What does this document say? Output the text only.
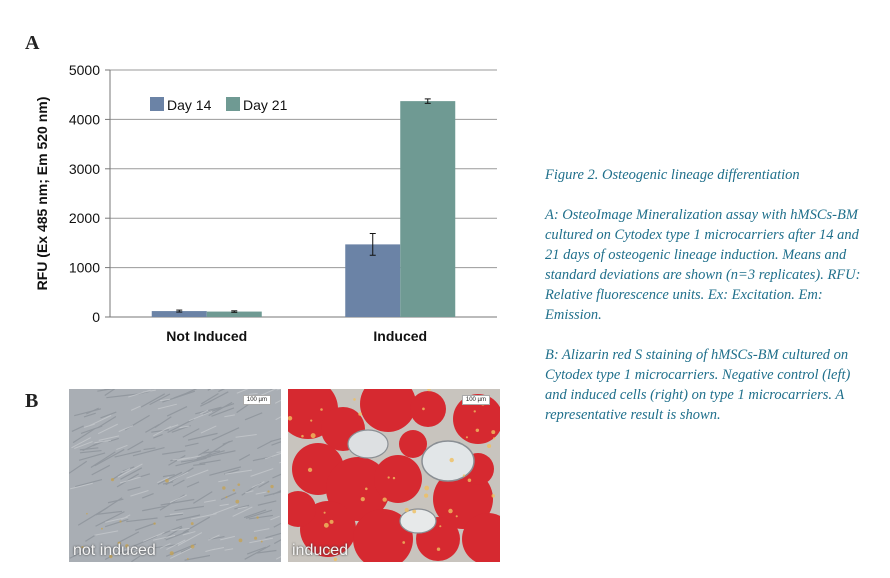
A
0
1000
2000
3000
4000
5000
RFU (Ex 485 nm; Em 520 nm)
Not Induced	Induced
Day 14 Day 21
B	100 µm
not induced
100 µm
induced
Figure 2. Osteogenic lineage differentiation
A: OsteoImage Mineralization assay with hMSCs-BM cultured on Cytodex type 1 microcarriers after 14 and 21 days of osteogenic lineage induction. Means and standard deviations are shown (n=3 replicates). RFU: Relative fluorescence units. Ex: Excitation. Em: Emission.
B: Alizarin red S staining of hMSCs-BM cultured on Cytodex type 1 microcarriers. Negative control (left) and induced cells (right) on type 1 microcarriers. A representative result is shown.
